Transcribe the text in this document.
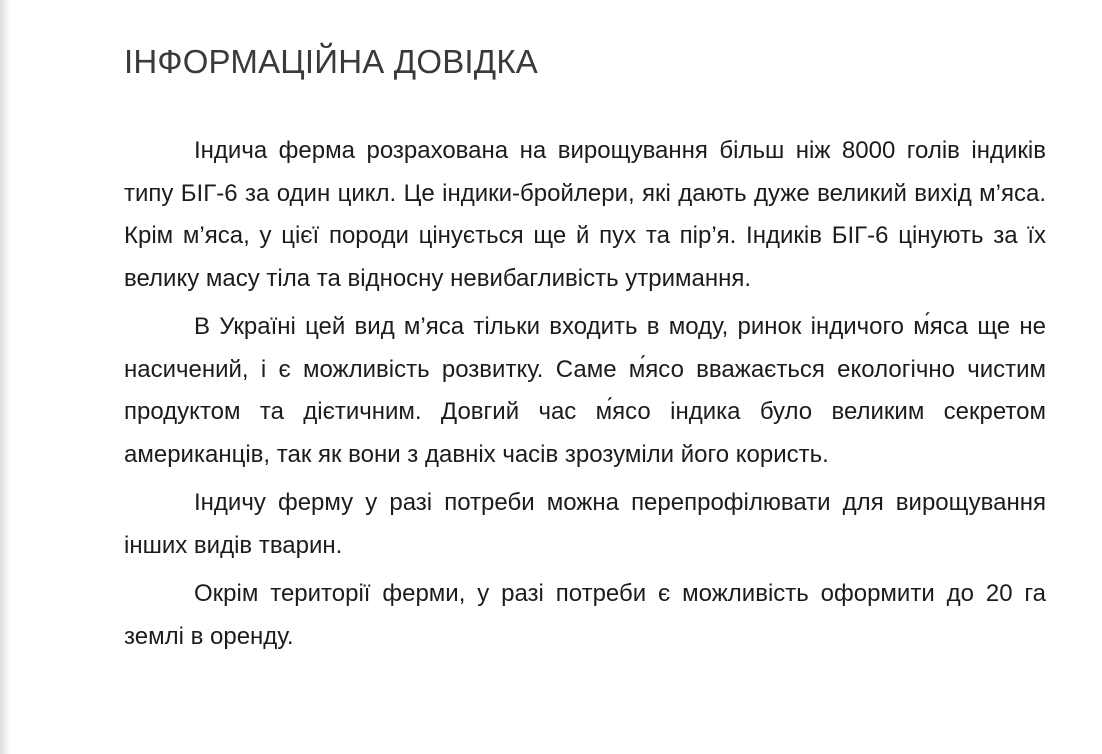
ІНФОРМАЦІЙНА ДОВІДКА

Індича ферма розрахована на вирощування більш ніж 8000 голів індиків типу БІГ-6 за один цикл. Це індики-бройлери, які дають дуже великий вихід м’яса. Крім м’яса, у цієї породи цінується ще й пух та пір’я. Індиків БІГ-6 цінують за їх велику масу тіла та відносну невибагливість утримання.

В Україні цей вид м’яса тільки входить в моду, ринок індичого м́яса ще не насичений, і є можливість розвитку. Саме м́ясо вважається екологічно чистим продуктом та дієтичним. Довгий час м́ясо індика було великим секретом американців, так як вони з давніх часів зрозуміли його користь.

Індичу ферму у разі потреби можна перепрофілювати для вирощування інших видів тварин.

Окрім території ферми, у разі потреби є можливість оформити до 20 га землі в оренду.
